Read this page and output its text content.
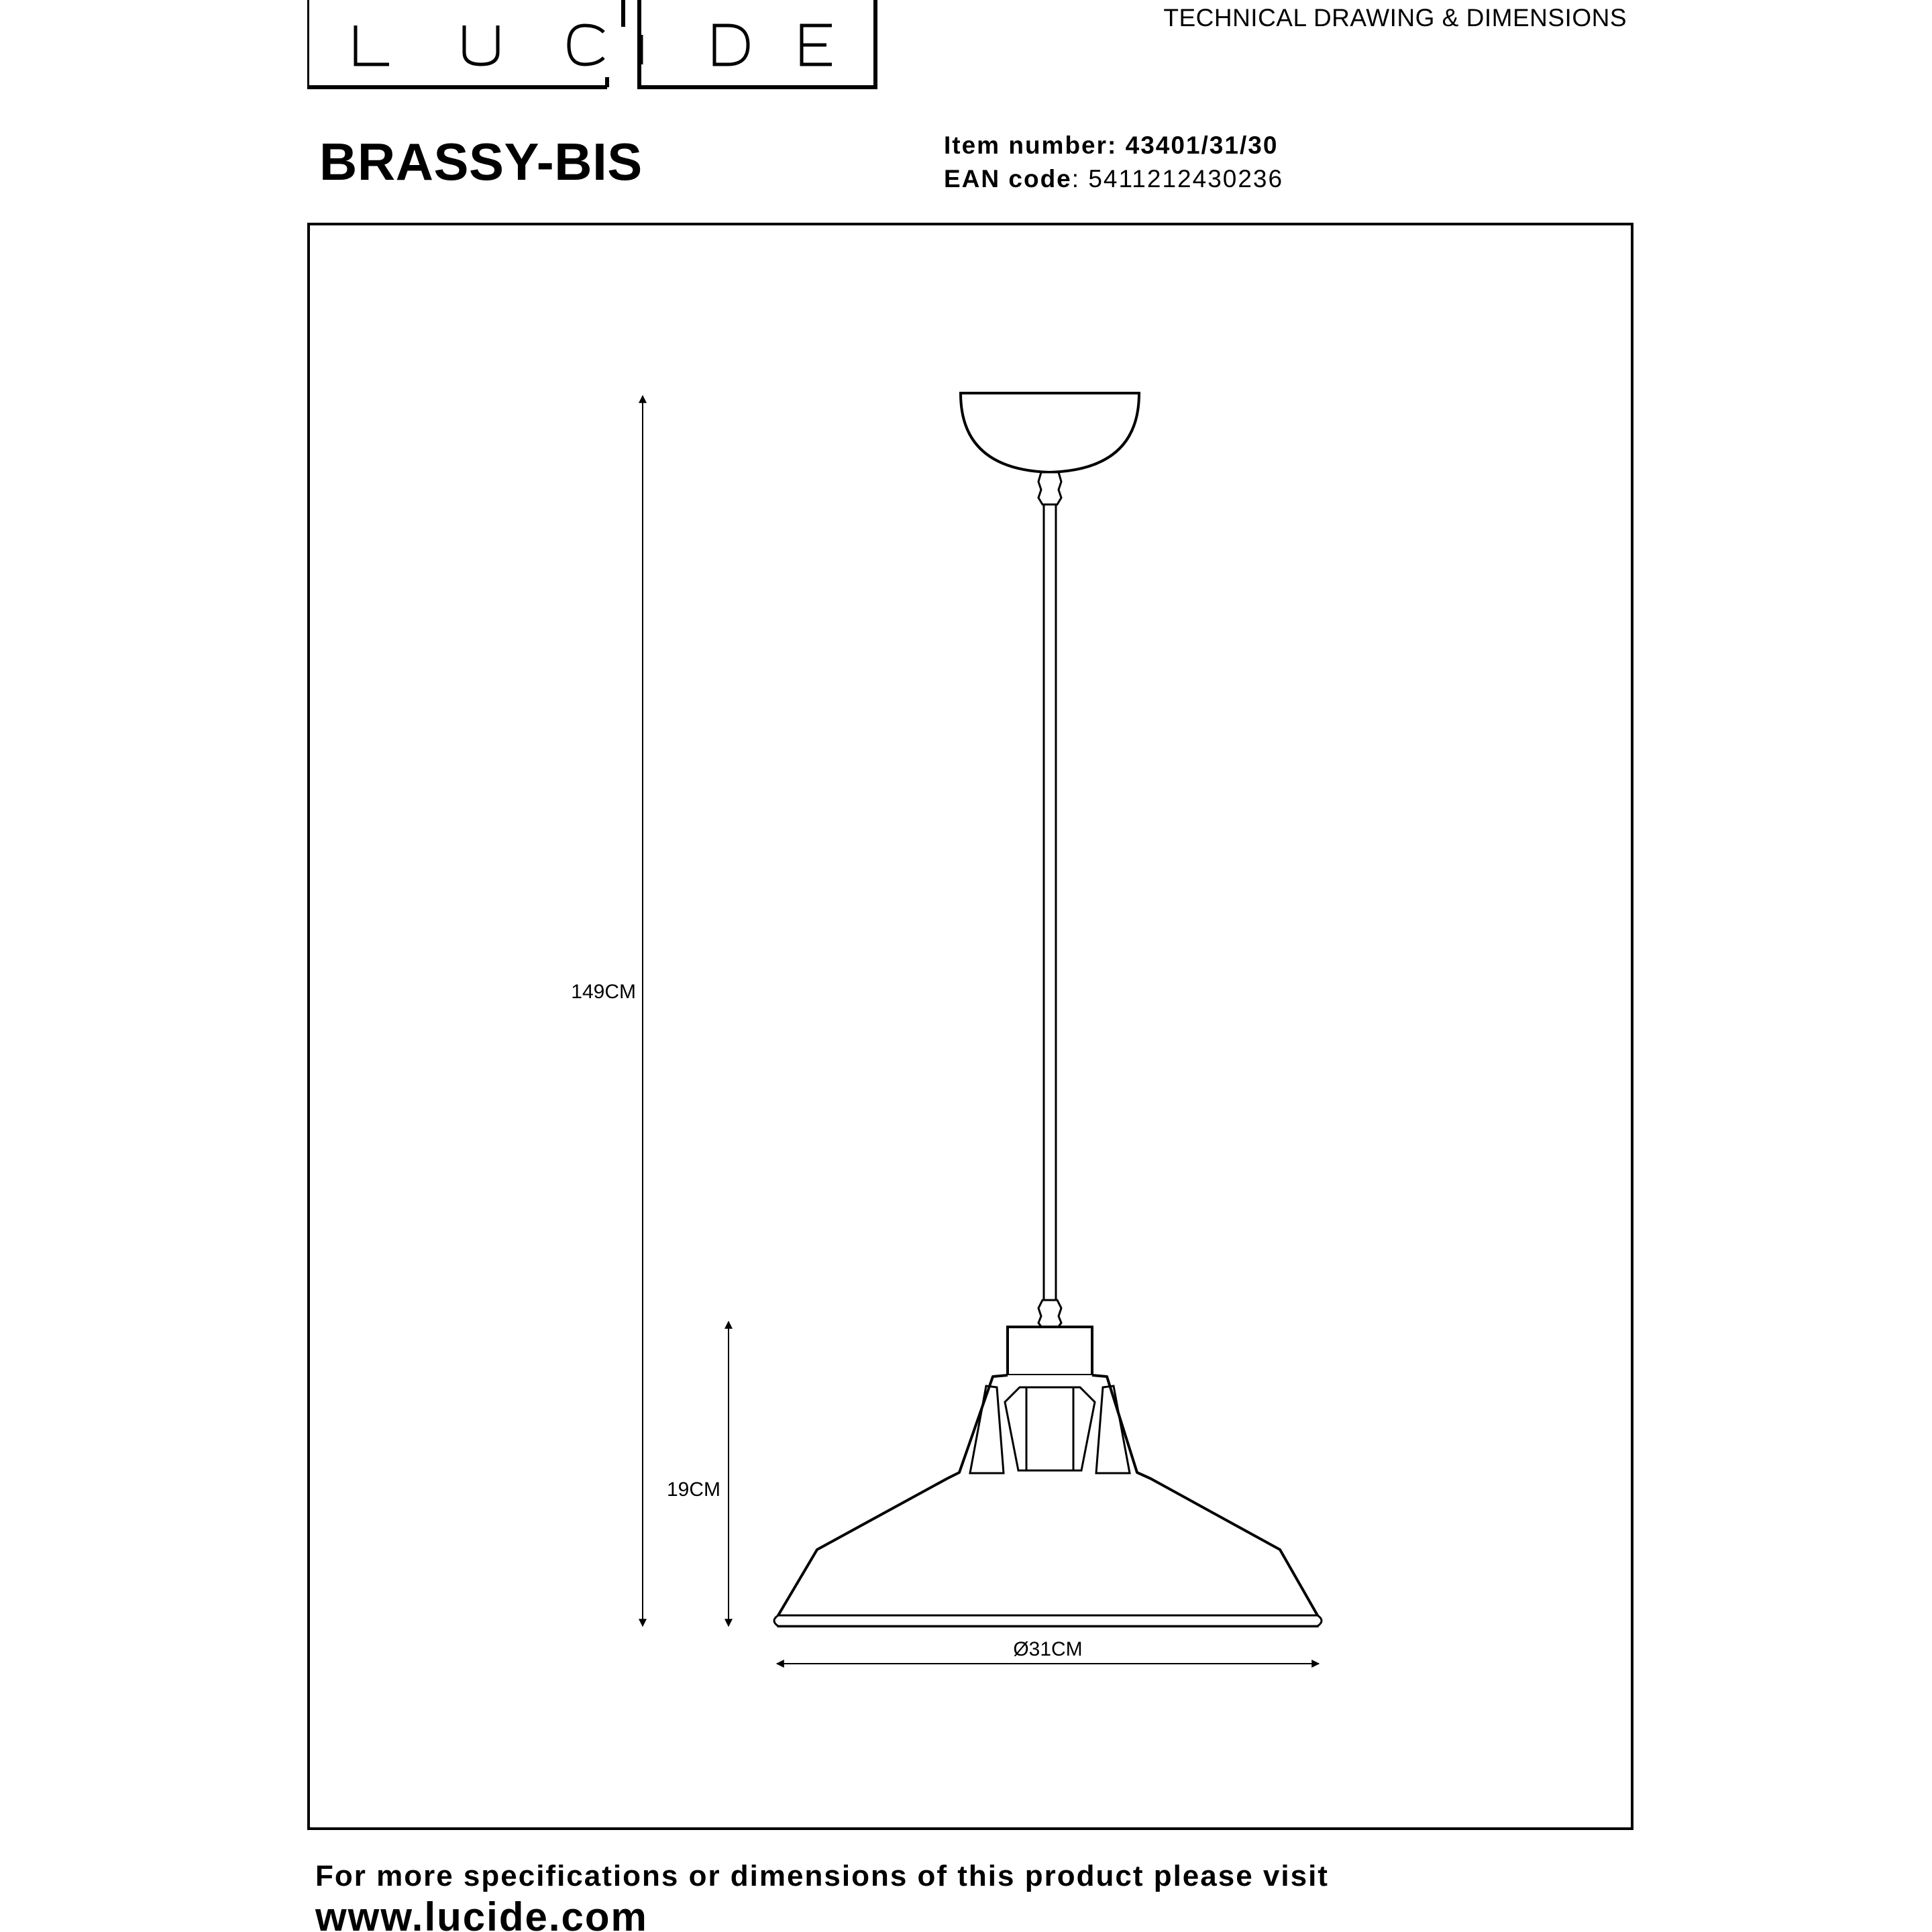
TECHNICAL DRAWING & DIMENSIONS
BRASSY-BIS	Item number: 43401/31/30
EAN code: 5411212430236
149CM
19CM
Ø31CM
For more specifications or dimensions of this product please visit
www.lucide.com
